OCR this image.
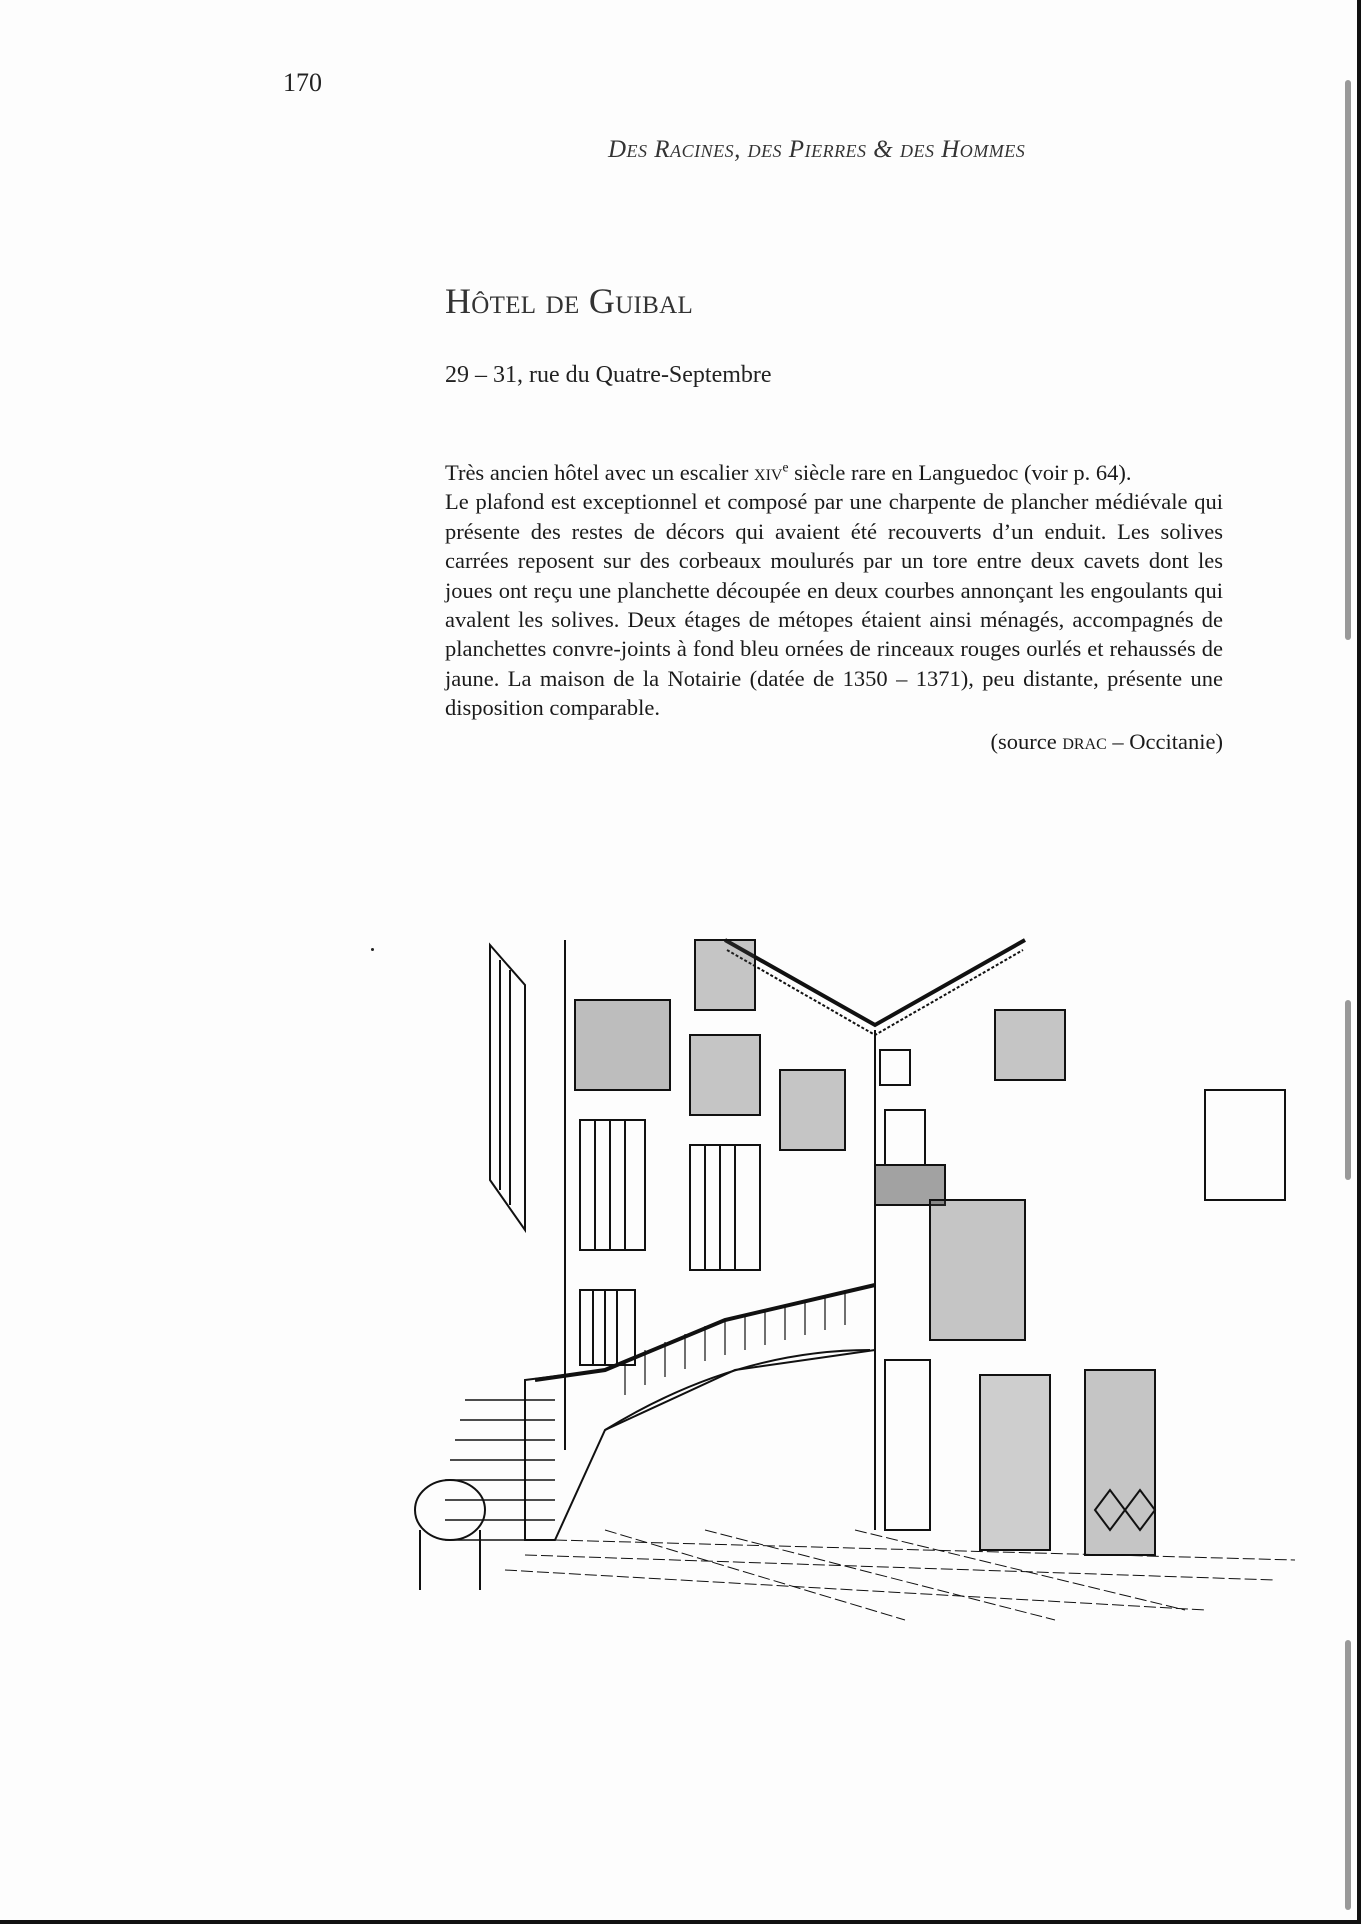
170
Des Racines, des Pierres & des Hommes
Hôtel de Guibal
29 – 31, rue du Quatre-Septembre

Très ancien hôtel avec un escalier xiv$^e$ siècle rare en Languedoc (voir p. 64).

Le plafond est exceptionnel et composé par une charpente de plancher médiévale qui présente des restes de décors qui avaient été recouverts d’un enduit. Les solives carrées reposent sur des corbeaux moulurés par un tore entre deux cavets dont les joues ont reçu une planchette découpée en deux courbes annonçant les engoulants qui avalent les solives. Deux étages de métopes étaient ainsi ménagés, accompagnés de planchettes convre-joints à fond bleu ornées de rinceaux rouges ourlés et rehaussés de jaune. La maison de la Notairie (datée de 1350 – 1371), peu distante, présente une disposition comparable.

(source drac – Occitanie)
